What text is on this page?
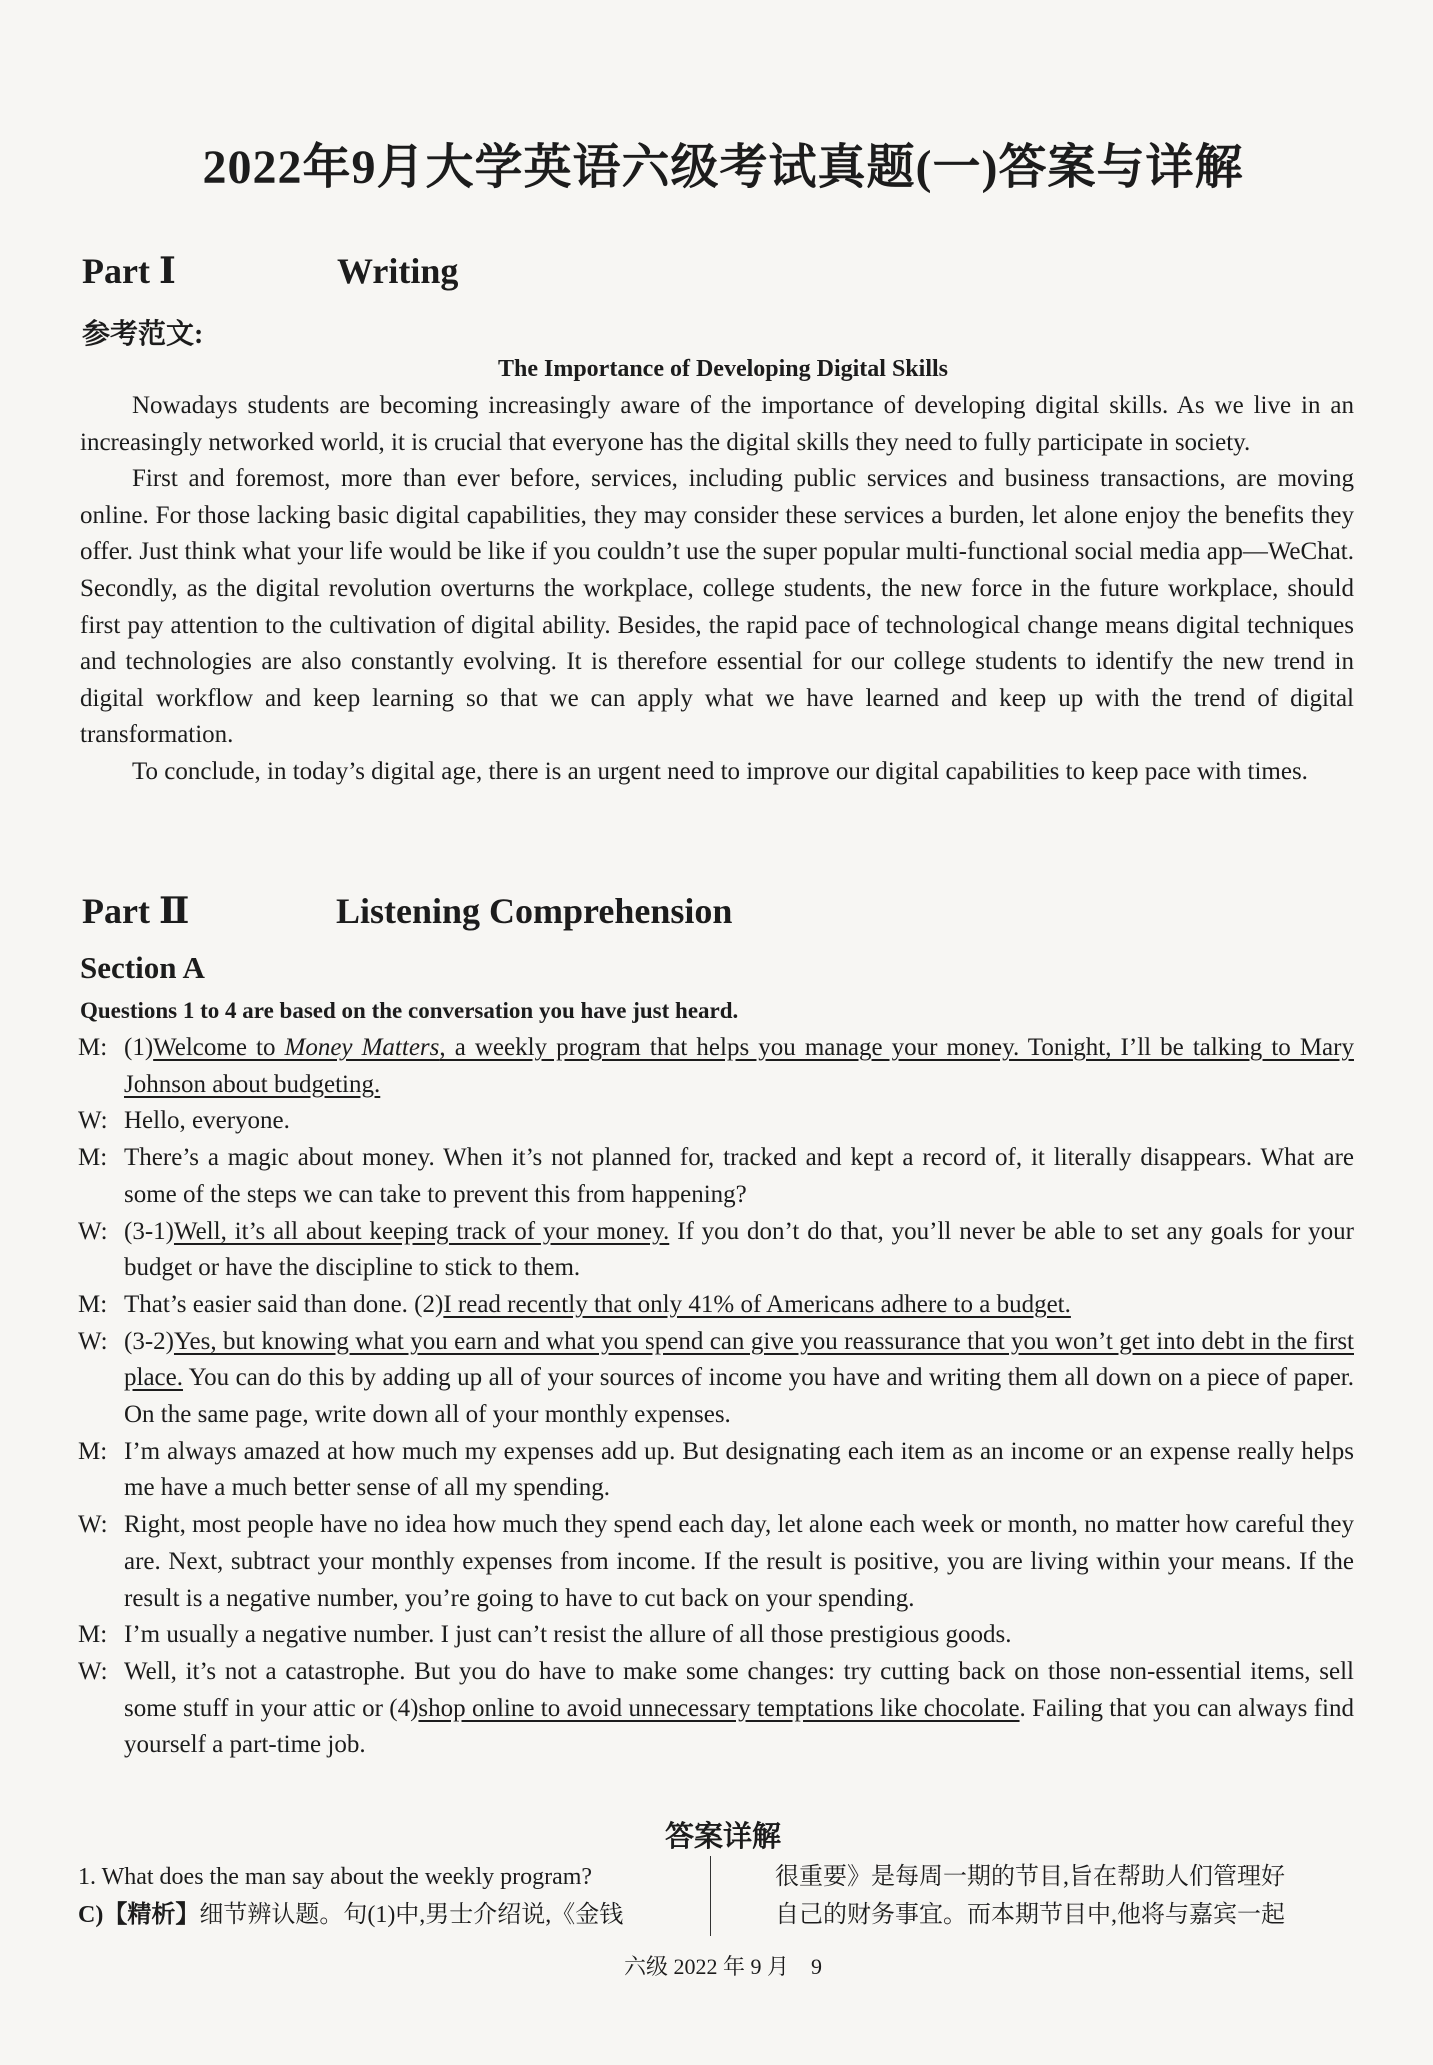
2022年9月大学英语六级考试真题(一)答案与详解
Part Ⅰ	Writing
参考范文:
The Importance of Developing Digital Skills

Nowadays students are becoming increasingly aware of the importance of developing digital skills. As we live in an increasingly networked world, it is crucial that everyone has the digital skills they need to fully participate in society.

First and foremost, more than ever before, services, including public services and business transactions, are moving online. For those lacking basic digital capabilities, they may consider these services a burden, let alone enjoy the benefits they offer. Just think what your life would be like if you couldn’t use the super popular multi-functional social media app—WeChat. Secondly, as the digital revolution overturns the workplace, college students, the new force in the future workplace, should first pay attention to the cultivation of digital ability. Besides, the rapid pace of technological change means digital techniques and technologies are also constantly evolving. It is therefore essential for our college students to identify the new trend in digital workflow and keep learning so that we can apply what we have learned and keep up with the trend of digital transformation.

To conclude, in today’s digital age, there is an urgent need to improve our digital capabilities to keep pace with times.

Part Ⅱ	Listening Comprehension
Section A
Questions 1 to 4 are based on the conversation you have just heard.
M: (1)Welcome to Money Matters, a weekly program that helps you manage your money. Tonight, I’ll be talking to Mary Johnson about budgeting.
W: Hello, everyone.
M: There’s a magic about money. When it’s not planned for, tracked and kept a record of, it literally disappears. What are some of the steps we can take to prevent this from happening?
W: (3-1)Well, it’s all about keeping track of your money. If you don’t do that, you’ll never be able to set any goals for your budget or have the discipline to stick to them.
M: That’s easier said than done. (2)I read recently that only 41% of Americans adhere to a budget.
W: (3-2)Yes, but knowing what you earn and what you spend can give you reassurance that you won’t get into debt in the first place. You can do this by adding up all of your sources of income you have and writing them all down on a piece of paper. On the same page, write down all of your monthly expenses.
M: I’m always amazed at how much my expenses add up. But designating each item as an income or an expense really helps me have a much better sense of all my spending.
W: Right, most people have no idea how much they spend each day, let alone each week or month, no matter how careful they are. Next, subtract your monthly expenses from income. If the result is positive, you are living within your means. If the result is a negative number, you’re going to have to cut back on your spending.
M: I’m usually a negative number. I just can’t resist the allure of all those prestigious goods.
W: Well, it’s not a catastrophe. But you do have to make some changes: try cutting back on those non-essential items, sell some stuff in your attic or (4)shop online to avoid unnecessary temptations like chocolate. Failing that you can always find yourself a part-time job.
答案详解
1. What does the man say about the weekly program?
C)【精析】细节辨认题。句(1)中,男士介绍说,《金钱
很重要》是每周一期的节目,旨在帮助人们管理好
自己的财务事宜。而本期节目中,他将与嘉宾一起
六级 2022 年 9 月　9
